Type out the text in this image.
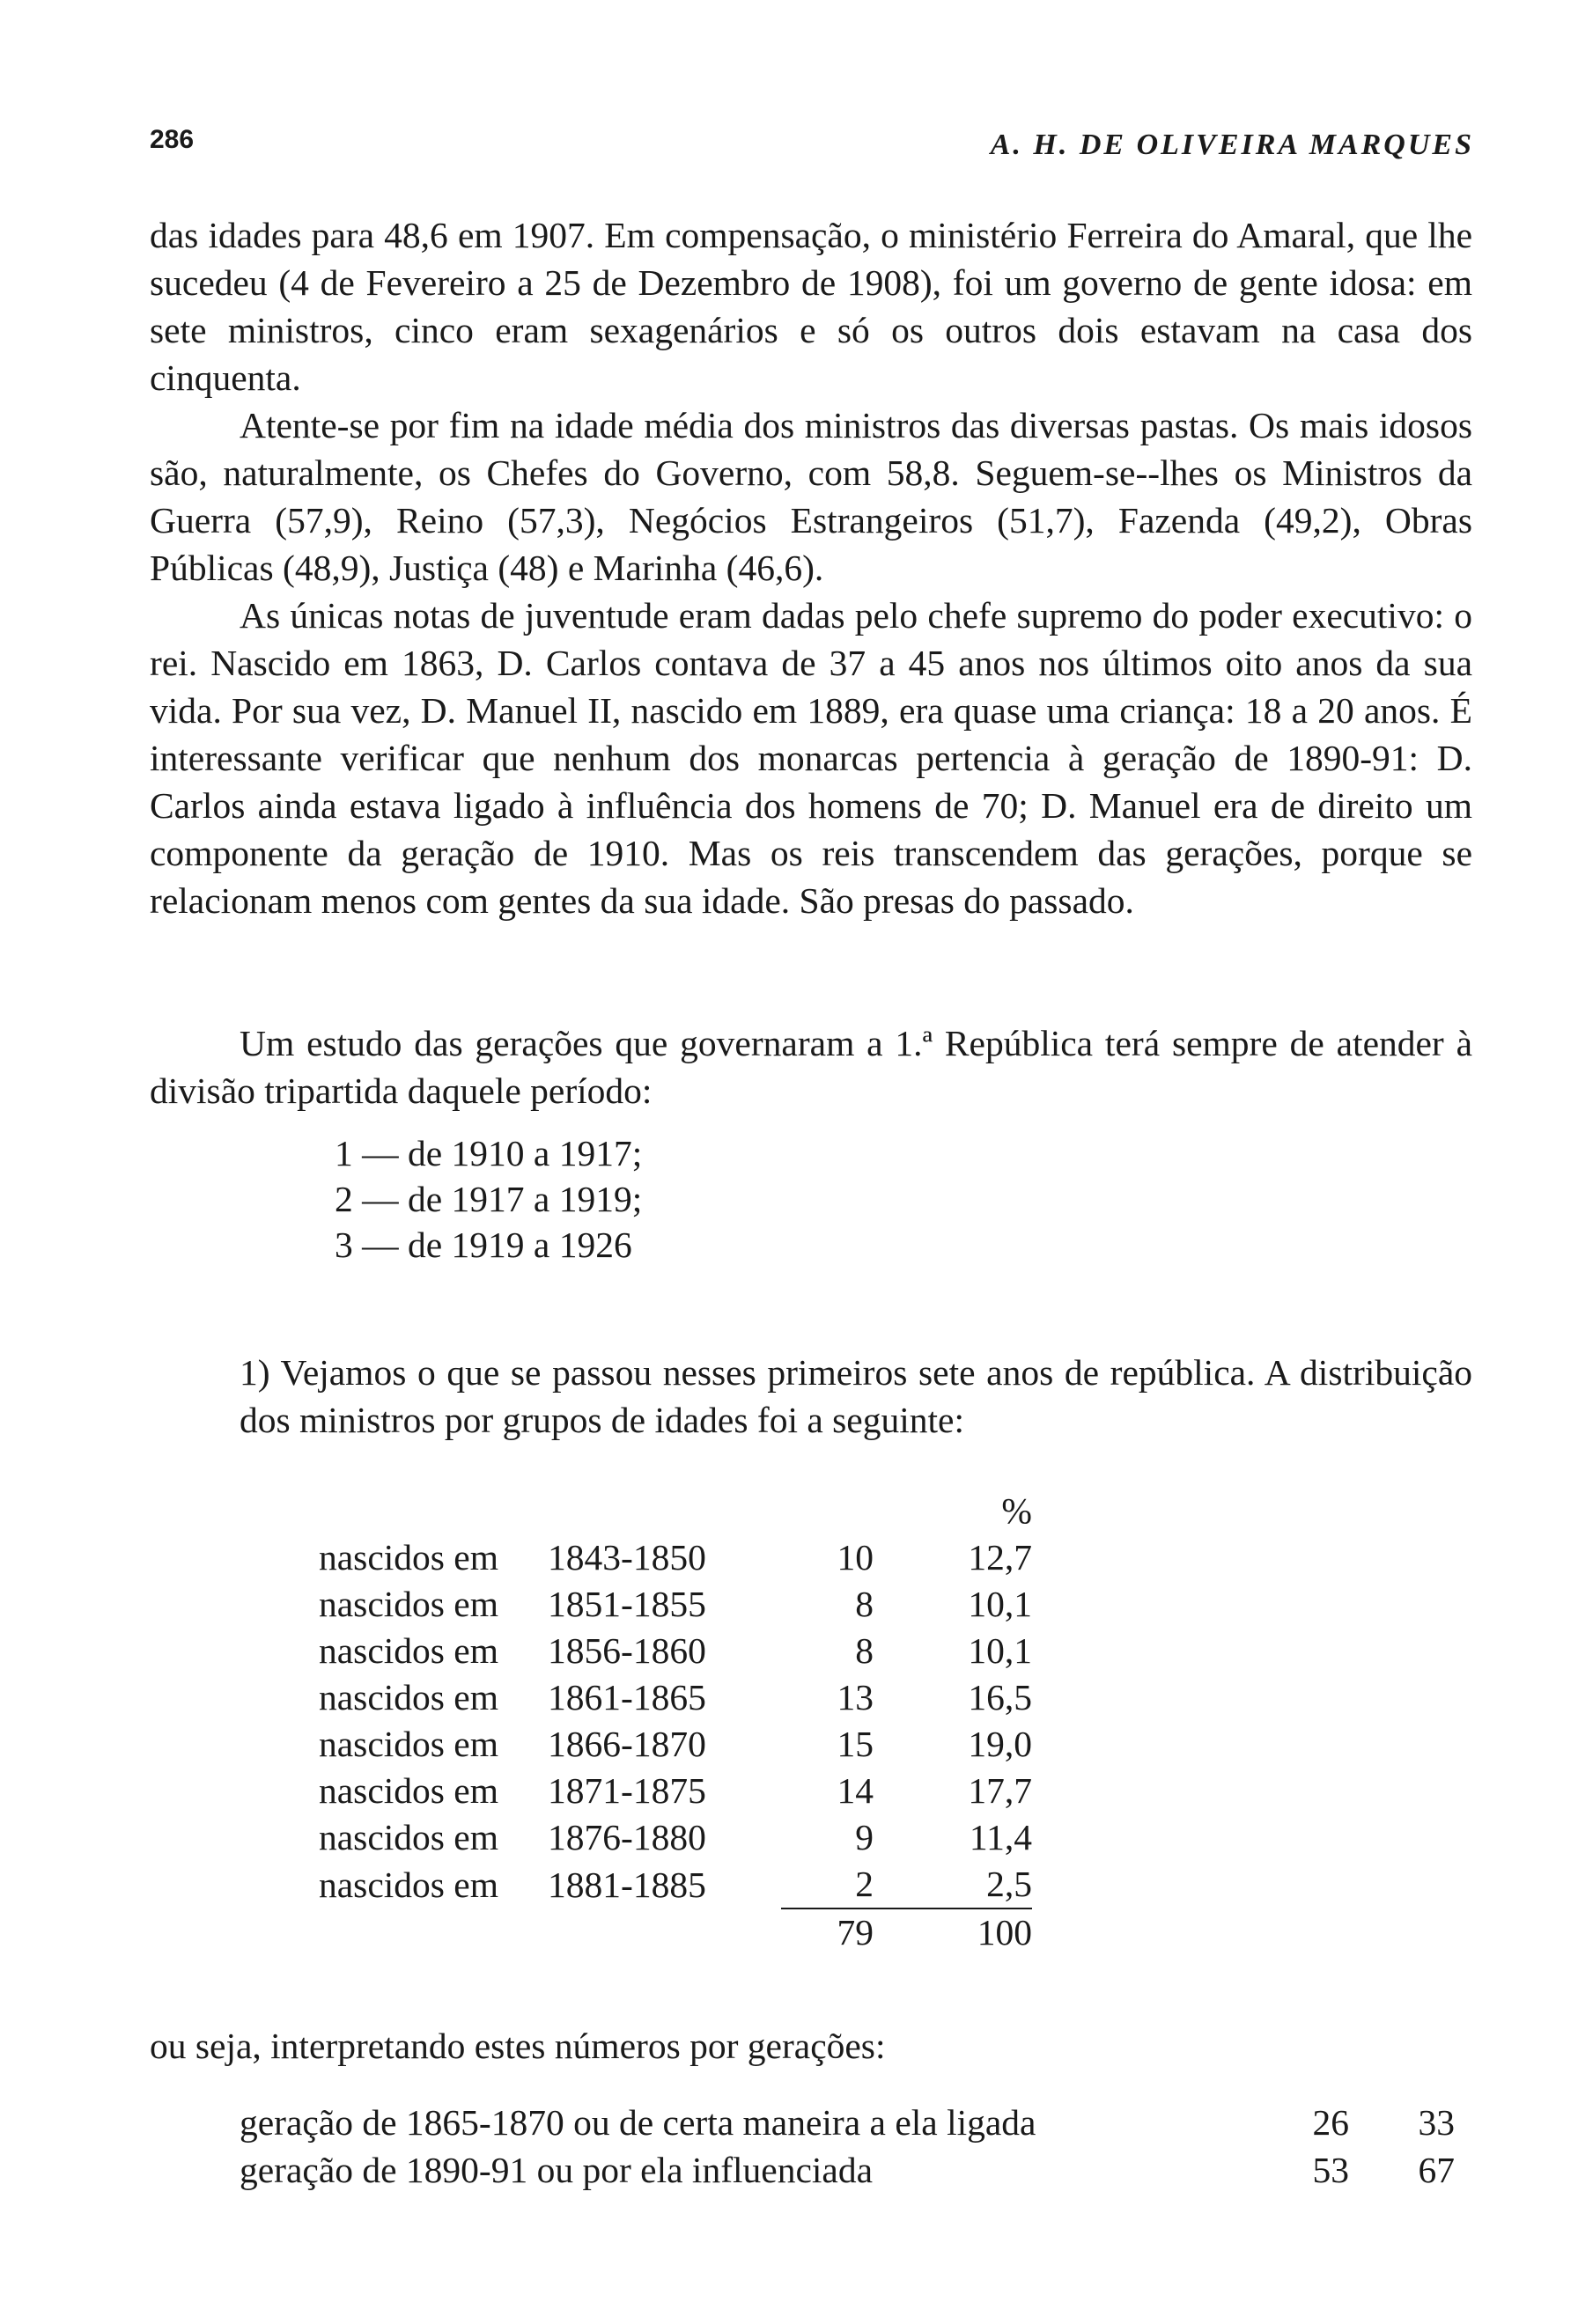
286	A. H. DE OLIVEIRA MARQUES

das idades para 48,6 em 1907. Em compensação, o ministério Ferreira do Amaral, que lhe sucedeu (4 de Fevereiro a 25 de Dezembro de 1908), foi um governo de gente idosa: em sete ministros, cinco eram sexagenários e só os outros dois estavam na casa dos cinquenta.

Atente-se por fim na idade média dos ministros das diversas pastas. Os mais idosos são, naturalmente, os Chefes do Governo, com 58,8. Seguem-se--lhes os Ministros da Guerra (57,9), Reino (57,3), Negócios Estrangeiros (51,7), Fazenda (49,2), Obras Públicas (48,9), Justiça (48) e Marinha (46,6).

As únicas notas de juventude eram dadas pelo chefe supremo do poder executivo: o rei. Nascido em 1863, D. Carlos contava de 37 a 45 anos nos últimos oito anos da sua vida. Por sua vez, D. Manuel II, nascido em 1889, era quase uma criança: 18 a 20 anos. É interessante verificar que nenhum dos monarcas pertencia à geração de 1890-91: D. Carlos ainda estava ligado à influência dos homens de 70; D. Manuel era de direito um componente da geração de 1910. Mas os reis transcendem das gerações, porque se relacionam menos com gentes da sua idade. São presas do passado.

Um estudo das gerações que governaram a 1.ª República terá sempre de atender à divisão tripartida daquele período:

1 — de 1910 a 1917;
2 — de 1917 a 1919;
3 — de 1919 a 1926
1) Vejamos o que se passou nesses primeiros sete anos de república. A distribuição dos ministros por grupos de idades foi a seguinte:
			%
nascidos em	1843-1850	10	12,7
nascidos em	1851-1855	8	10,1
nascidos em	1856-1860	8	10,1
nascidos em	1861-1865	13	16,5
nascidos em	1866-1870	15	19,0
nascidos em	1871-1875	14	17,7
nascidos em	1876-1880	9	11,4
nascidos em	1881-1885	2	2,5
		79	100
ou seja, interpretando estes números por gerações:
geração de 1865-1870 ou de certa maneira a ela ligada	26	33
geração de 1890-91 ou por ela influenciada	53	67
